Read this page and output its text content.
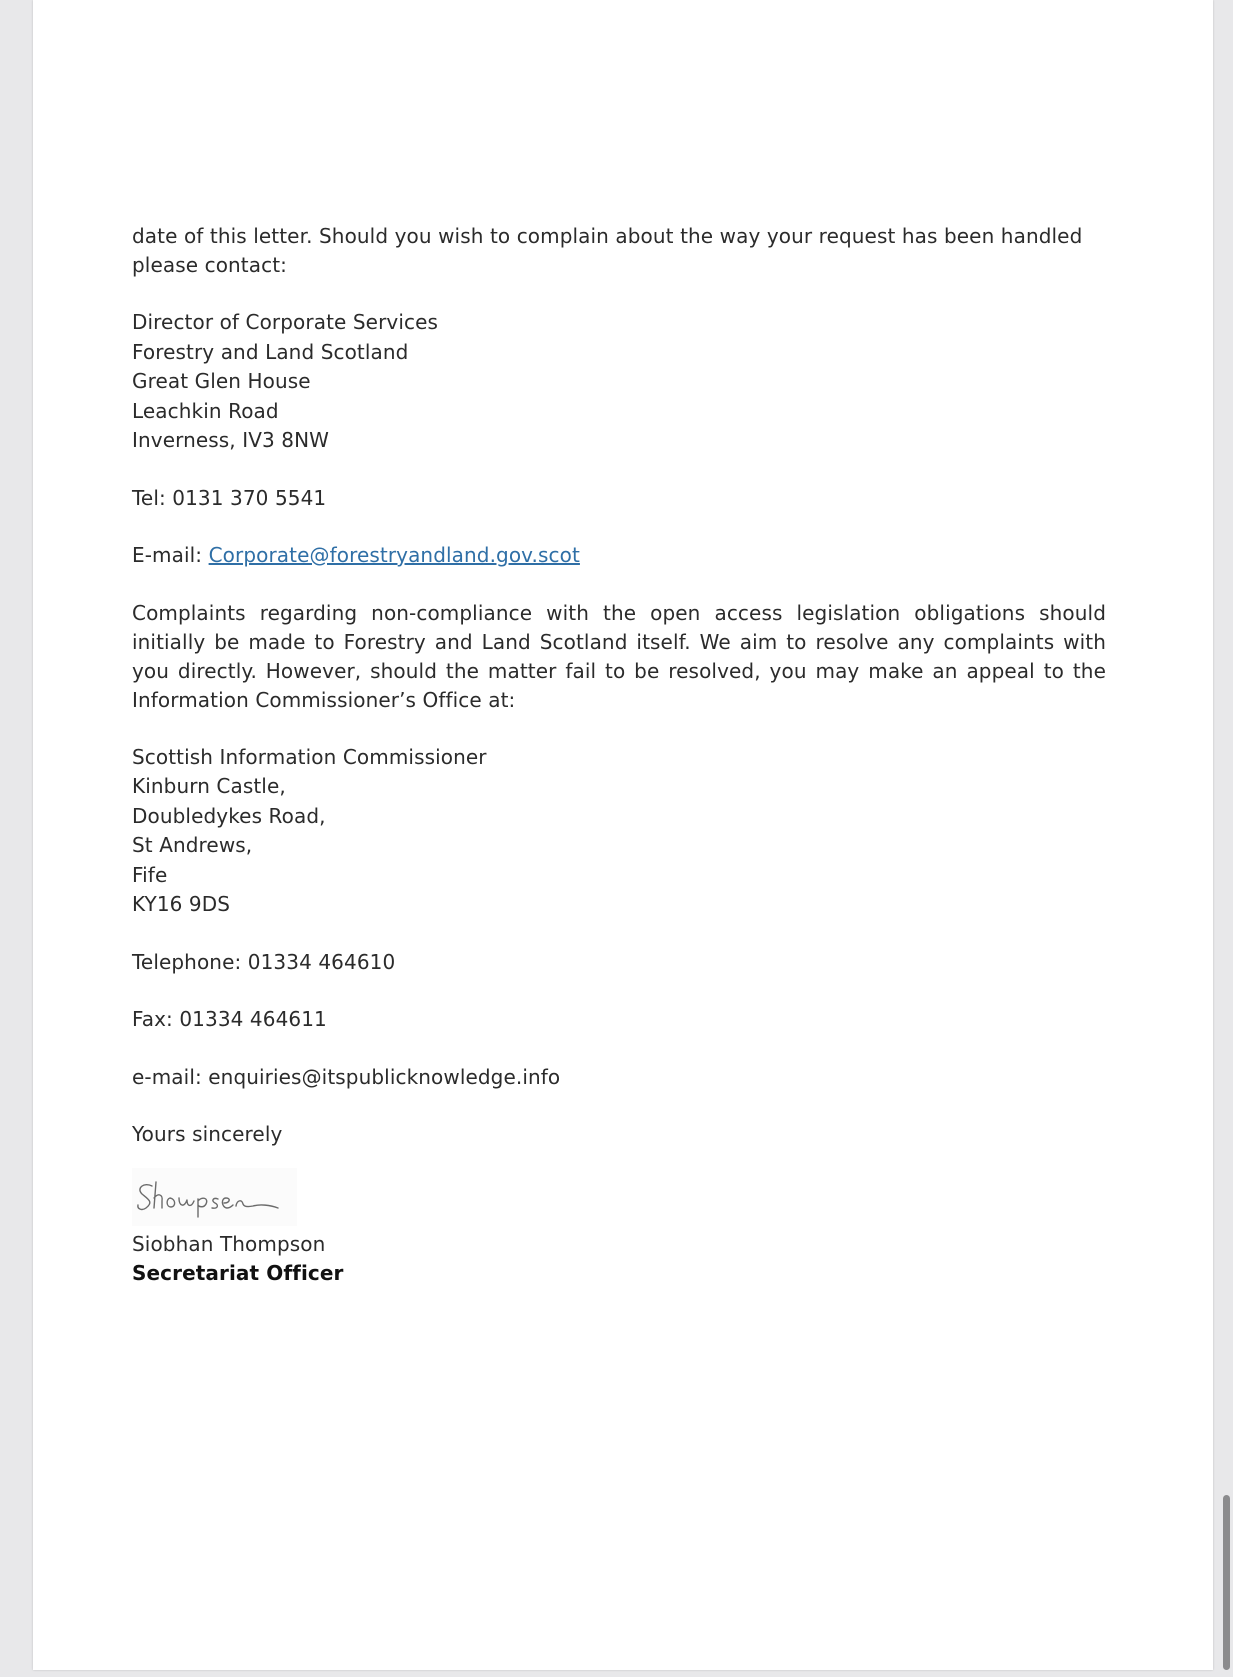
date of this letter. Should you wish to complain about the way your request has been handled please contact:

Director of Corporate Services
Forestry and Land Scotland
Great Glen House
Leachkin Road
Inverness, IV3 8NW
Tel: 0131 370 5541
E-mail: Corporate@forestryandland.gov.scot

Complaints regarding non-compliance with the open access legislation obligations should initially be made to Forestry and Land Scotland itself. We aim to resolve any complaints with you directly. However, should the matter fail to be resolved, you may make an appeal to the Information Commissioner’s Office at:

Scottish Information Commissioner
Kinburn Castle,
Doubledykes Road,
St Andrews,
Fife
KY16 9DS
Telephone: 01334 464610
Fax: 01334 464611
e-mail: enquiries@itspublicknowledge.info
Yours sincerely
Siobhan Thompson
Secretariat Officer
